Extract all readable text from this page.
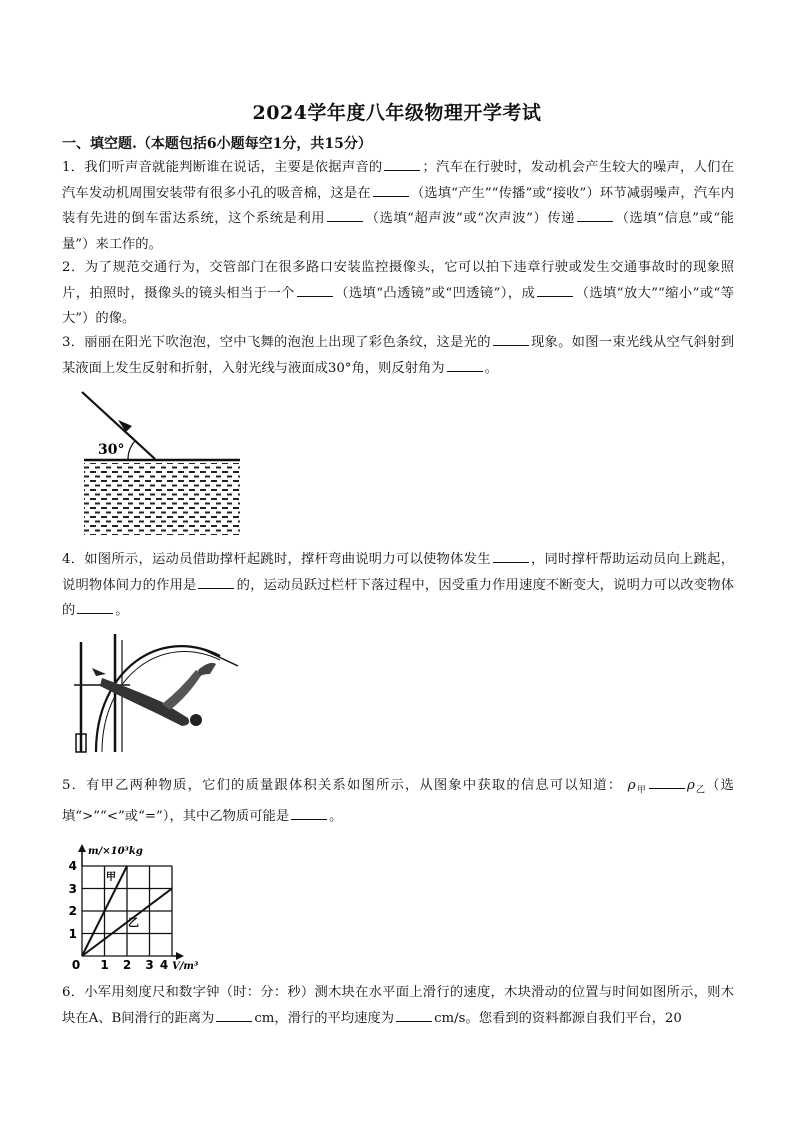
2024学年度八年级物理开学考试
一、填空题.（本题包括6小题每空1分，共15分）
1．我们听声音就能判断谁在说话，主要是依据声音的	；汽车在行驶时，发动机会产生较大的噪声，人们在汽车发动机周围安装带有很多小孔的吸音棉，这是在	（选填“产生”“传播”或“接收”）环节减弱噪声，汽车内装有先进的倒车雷达系统，这个系统是利用	（选填“超声波”或“次声波”）传递	（选填“信息”或“能量”）来工作的。
2．为了规范交通行为，交管部门在很多路口安装监控摄像头，它可以拍下违章行驶或发生交通事故时的现象照片，拍照时，摄像头的镜头相当于一个	（选填“凸透镜”或“凹透镜”），成	（选填“放大”“缩小”或“等大”）的像。
3．丽丽在阳光下吹泡泡，空中飞舞的泡泡上出现了彩色条纹，这是光的	现象。如图一束光线从空气斜射到某液面上发生反射和折射，入射光线与液面成30°角，则反射角为	。
30°
4．如图所示，运动员借助撑杆起跳时，撑杆弯曲说明力可以使物体发生	，同时撑杆帮助运动员向上跳起，说明物体间力的作用是	的，运动员跃过栏杆下落过程中，因受重力作用速度不断变大，说明力可以改变物体的	。
5．有甲乙两种物质，它们的质量跟体积关系如图所示，从图象中获取的信息可以知道： $\rho_甲$	$\rho_乙$（选填“>”“<”或“=”），其中乙物质可能是	。
甲
乙
m/×10³kg
V/m³
1
2
3
4
0 1 2 3 4
6．小军用刻度尺和数字钟（时：分：秒）测木块在水平面上滑行的速度，木块滑动的位置与时间如图所示，则木块在A、B间滑行的距离为	cm，滑行的平均速度为	cm/s。您看到的资料都源自我们平台，20
